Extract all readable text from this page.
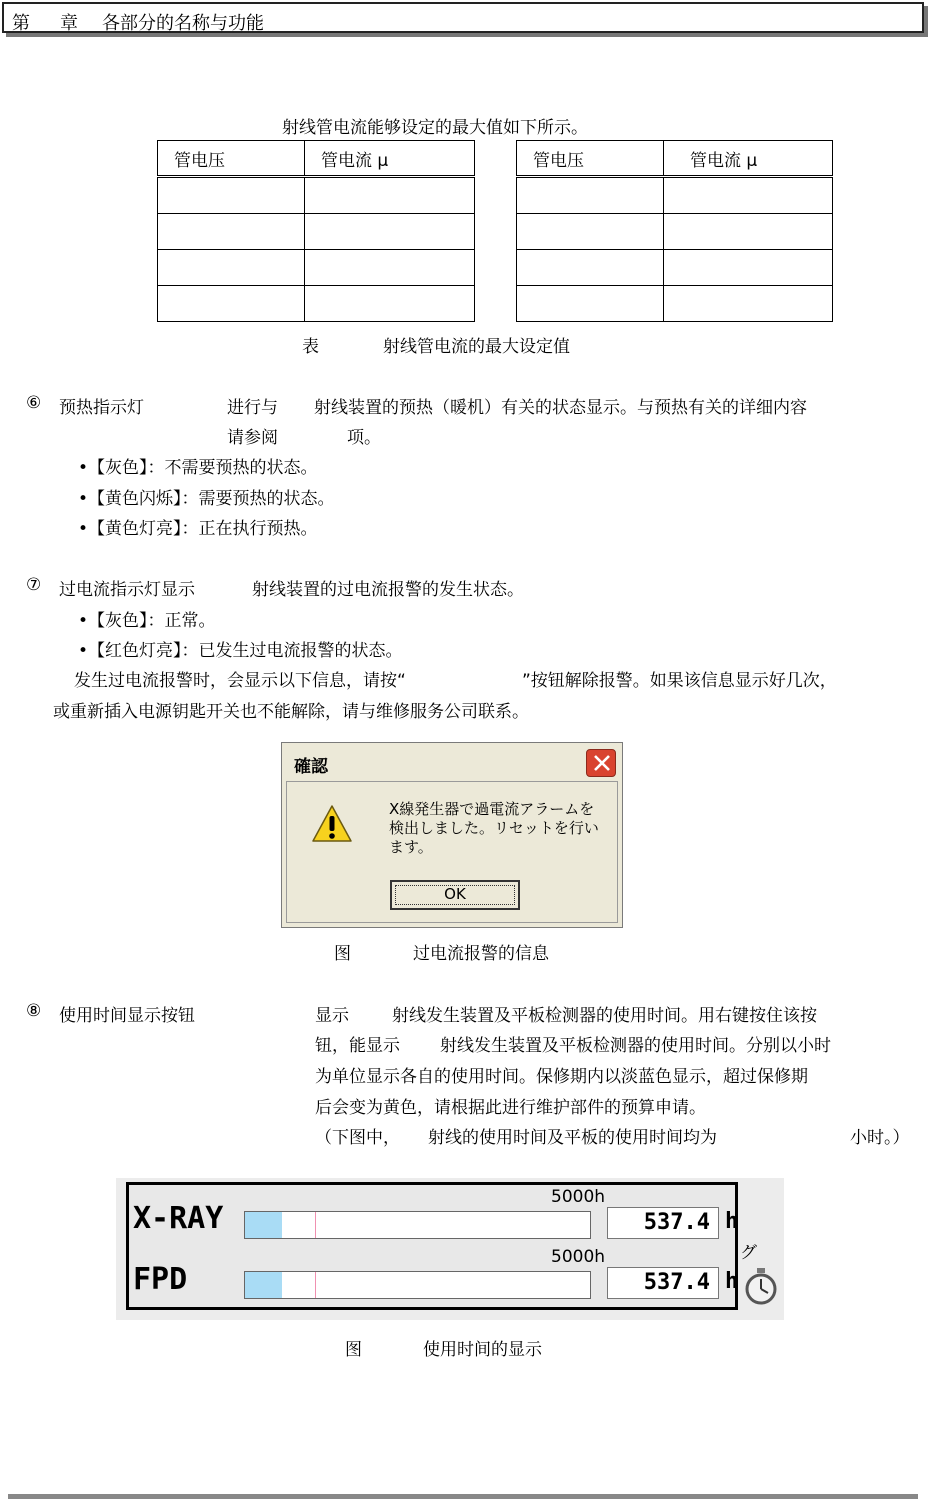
第 章 各部分的名称与功能
射线管电流能够设定的最大值如下所示。
管电压	管电流 μ

		管电压	管电流 μ

表	射线管电流的最大设定值
⑥ 预热指示灯	进行与 射线装置的预热（暖机）有关的状态显示。与预热有关的详细内容
请参阅	项。
•【灰色】：不需要预热的状态。
•【黄色闪烁】：需要预热的状态。
•【黄色灯亮】：正在执行预热。
⑦ 过电流指示灯显示	射线装置的过电流报警的发生状态。
•【灰色】：正常。
•【红色灯亮】：已发生过电流报警的状态。
发生过电流报警时，会显示以下信息，请按“	”按钮解除报警。如果该信息显示好几次，
或重新插入电源钥匙开关也不能解除，请与维修服务公司联系。
確認
X線発生器で過電流アラームを
検出しました。リセットを行い
ます。
OK
图	过电流报警的信息
⑧ 使用时间显示按钮	显示	射线发生装置及平板检测器的使用时间。用右键按住该按
钮，能显示 射线发生装置及平板检测器的使用时间。分别以小时
为单位显示各自的使用时间。保修期内以淡蓝色显示，超过保修期
后会变为黄色，请根据此进行维护部件的预算申请。
（下图中， 射线的使用时间及平板的使用时间均为	小时。）
X-RAY
5000h
537.4 h
FPD
5000h
537.4 h
グ
图	使用时间的显示
